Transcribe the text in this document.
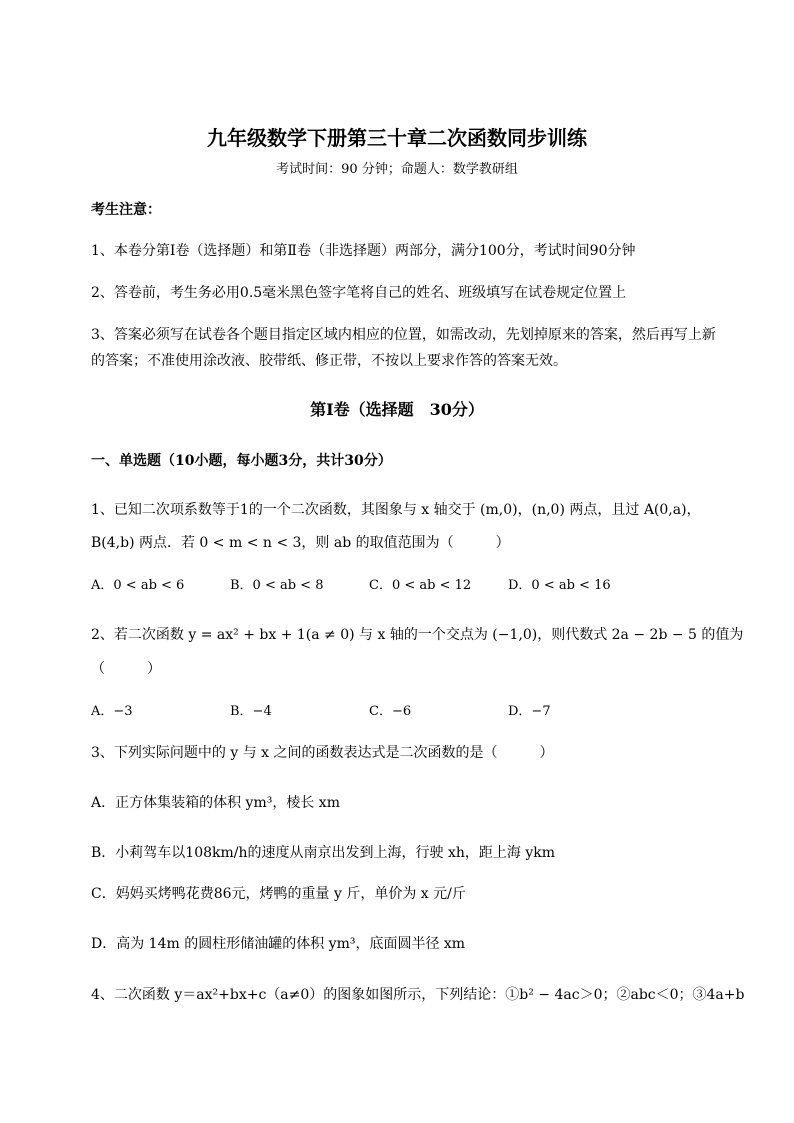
九年级数学下册第三十章二次函数同步训练
考试时间：90 分钟；命题人：数学教研组
考生注意：
1、本卷分第Ⅰ卷（选择题）和第Ⅱ卷（非选择题）两部分，满分100分，考试时间90分钟
2、答卷前，考生务必用0.5毫米黑色签字笔将自己的姓名、班级填写在试卷规定位置上
3、答案必须写在试卷各个题目指定区域内相应的位置，如需改动，先划掉原来的答案，然后再写上新
的答案；不准使用涂改液、胶带纸、修正带，不按以上要求作答的答案无效。
第Ⅰ卷（选择题　30分）
一、单选题（10小题，每小题3分，共计30分）
1、已知二次项系数等于1的一个二次函数，其图象与 x 轴交于 (m,0)，(n,0) 两点，且过 A(0,a)，
B(4,b) 两点．若 0 < m < n < 3，则 ab 的取值范围为（　　　）
A．0 < ab < 6	B．0 < ab < 8	C．0 < ab < 12	D．0 < ab < 16
2、若二次函数 y = ax² + bx + 1(a ≠ 0) 与 x 轴的一个交点为 (−1,0)，则代数式 2a − 2b − 5 的值为
（　　　）
A．−3	B．−4	C．−6	D．−7
3、下列实际问题中的 y 与 x 之间的函数表达式是二次函数的是（　　　）
A．正方体集装箱的体积 ym³，棱长 xm
B．小莉驾车以108km/h的速度从南京出发到上海，行驶 xh，距上海 ykm
C．妈妈买烤鸭花费86元，烤鸭的重量 y 斤，单价为 x 元/斤
D．高为 14m 的圆柱形储油罐的体积 ym³，底面圆半径 xm
4、二次函数 y＝ax²+bx+c（a≠0）的图象如图所示，下列结论：①b² − 4ac＞0；②abc＜0；③4a+b
